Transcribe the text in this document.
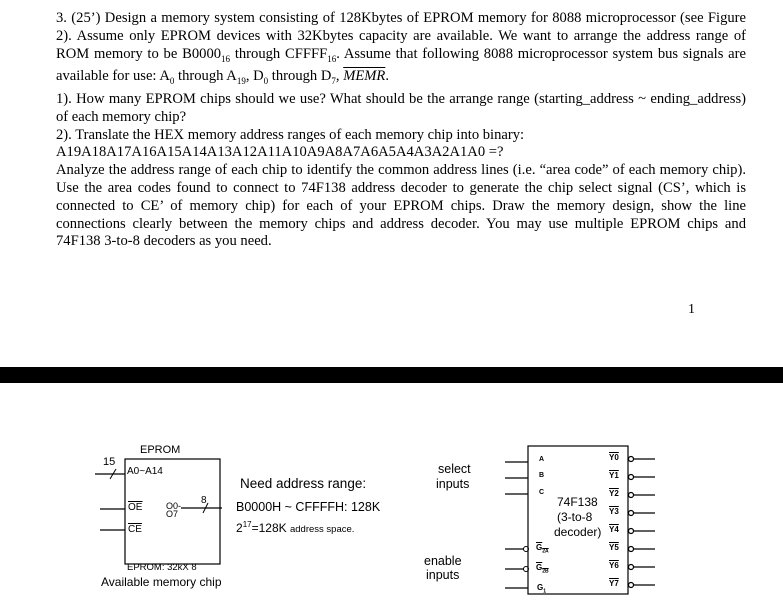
3. (25’) Design a memory system consisting of 128Kbytes of EPROM memory for 8088 microprocessor (see Figure 2). Assume only EPROM devices with 32Kbytes capacity are available. We want to arrange the address range of ROM memory to be $B0000_{16}$ through $CFFFF_{16}$. Assume that following 8088 microprocessor system bus signals are available for use: $A_0$ through $A_{19}$, $D_0$ through $D_7$, MEMR.

1). How many EPROM chips should we use? What should be the arrange range (starting_address ~ ending_address) of each memory chip?

2). Translate the HEX memory address ranges of each memory chip into binary:

A19A18A17A16A15A14A13A12A11A10A9A8A7A6A5A4A3A2A1A0 =?

Analyze the address range of each chip to identify the common address lines (i.e. “area code” of each memory chip). Use the area codes found to connect to 74F138 address decoder to generate the chip select signal (CS’, which is connected to CE’ of memory chip) for each of your EPROM chips. Draw the memory design, show the line connections clearly between the memory chips and address decoder. You may use multiple EPROM chips and 74F138 3-to-8 decoders as you need.

1
EPROM
15
A0~A14
$\overline{OE}$
$\overline{CE}$
O0-
O7
8
EPROM: 32kX 8
Available memory chip
Need address range:
B0000H ~ CFFFFH: 128K
$2^{17}=128K$ address space.
select
inputs
enable
inputs
A
B
C
$G_{2A}$
$G_{2B}$
$G_1$
74F138
(3-to-8
decoder)
Y0
Y1
Y2
Y3
Y4
Y5
Y6
Y7
